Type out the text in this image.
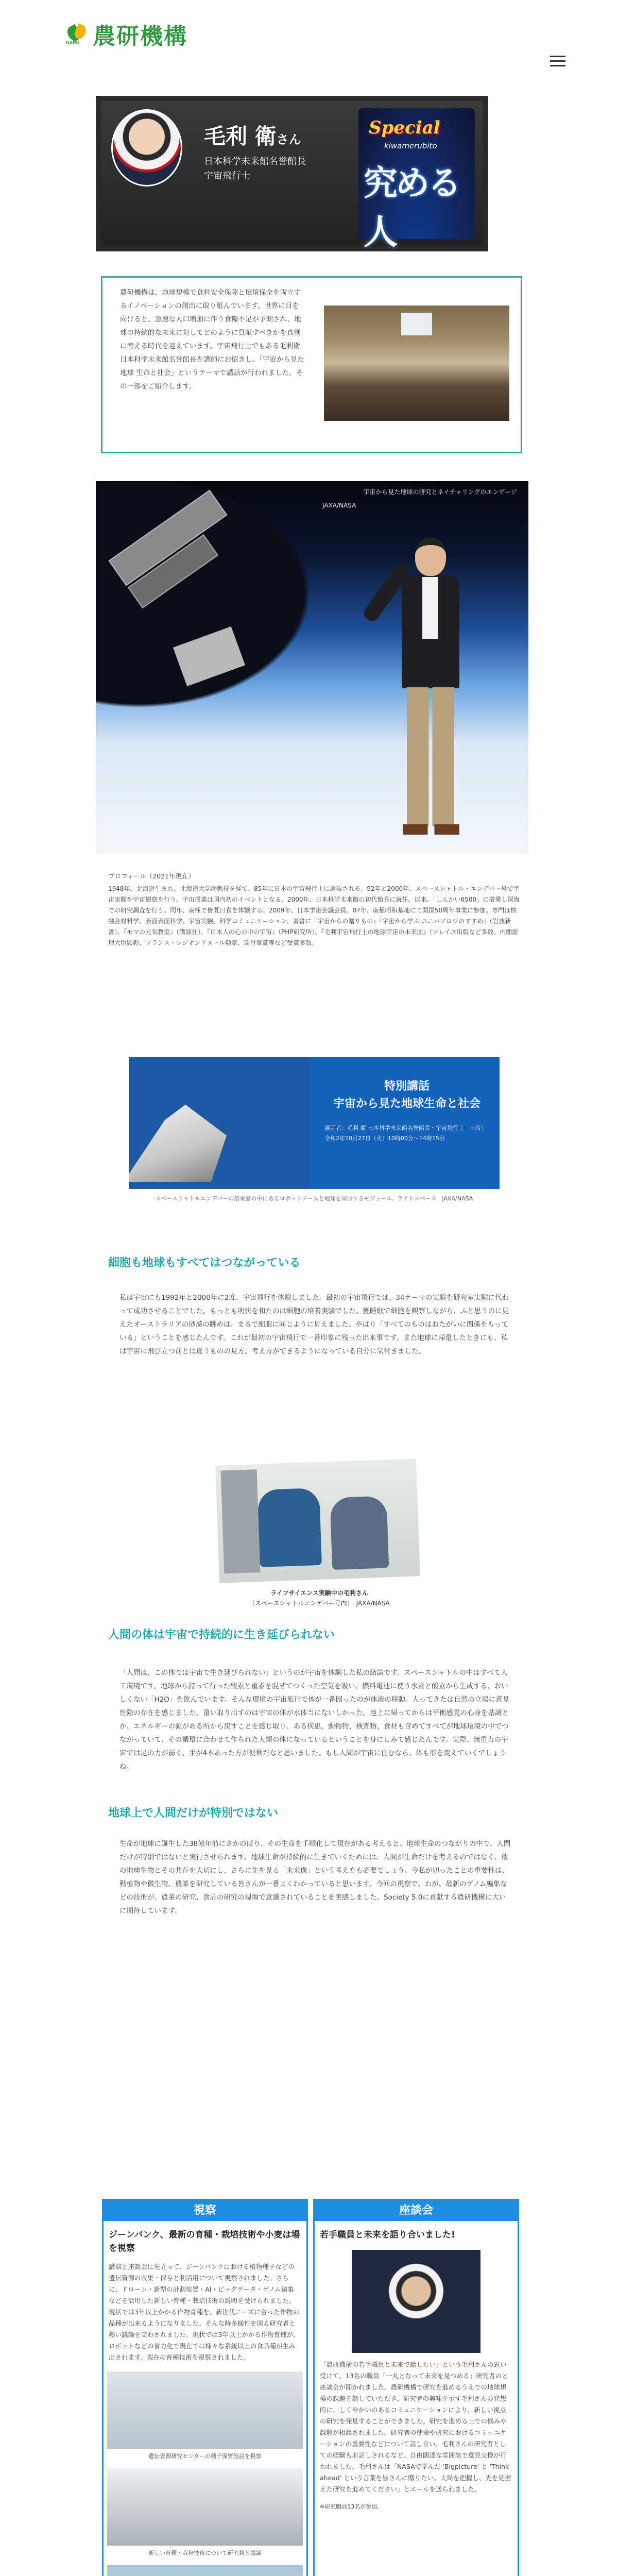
NARO 農研機構
毛利 衛さん
日本科学未来館名誉館長
宇宙飛行士
Special
kiwamerubito
究める人
農研機構は、地球規模で食料安全保障と環境保全を両立するイノベーションの創出に取り組んでいます。世界に目を向けると、急速な人口増加に伴う食糧不足が予測され、地球の持続的な未来に対してどのように貢献すべきかを真剣に考える時代を迎えています。宇宙飛行士でもある毛利衛日本科学未来館名誉館長を講師にお招きし、「宇宙から見た地球 生命と社会」というテーマで講話が行われました。その一部をご紹介します。
宇宙から見た地球の研究とネイチャリングのエンゲージ
JAXA/NASA
プロフィール（2021年現在）
1948年、北海道生まれ。北海道大学助教授を経て、85年に日本の宇宙飛行士に選抜される。92年と2000年、スペースシャトル・エンデバー号で宇宙実験や宇宙観察を行う。宇宙授業は国内初のイベントとなる。2000年、日本科学未来館の初代館長に就任。以来、「しんかい6500」に搭乗し深海での研究調査を行う。同年、南極で皆既日食を体験する。2009年、日本学術会議会員。07年、南極昭和基地にて開国50周年事業に参加。専門は核融合材料学、表面表面科学、宇宙実験、科学コミュニケーション。著書に『宇宙からの贈りもの』『宇宙から学ぶ ユニバソロジのすすめ』（岩波新書）、『モマの元気教室』（講談社）、『日本人の心の中の宇宙』（PHP研究所）、『毛利宇宙飛行士の地球宇宙の未来図』（ソレイユ出版など多数。内閣総理大臣顕彰、フランス・レジオンドヌール勲章、瑞付章賞等など受賞多数。
特別講話
宇宙から見た地球生命と社会
講話者：毛利 衛 日本科学未来館名誉館長・宇宙飛行士　日時：令和2年10月27日（火）10時00分～14時15分
スペースシャトルエンデバーの搭乗窓の中にあるロボットアームと地球を周回するモジュール。ライトスペース　JAXA/NASA
細胞も地球もすべてはつながっている
私は宇宙にも1992年と2000年に2度、宇宙飛行を体験しました。最初の宇宙飛行では、34テーマの実験を研究室実験に代わって成功させることでした。もっとも明快を和たのは細胞の培養実験でした。鯉睡眠で細胞を観察しながら、ふと思うのに見えたオーストラリアの砂漠の眺めは、まるで細胞に同じように見えました。やはり「すべてのものはおたがいに関係をもっている」ということを感じたんです。これが最初の宇宙飛行で一番印象に残った出来事です。また地球に帰還したときにも、私は宇宙に飛び立つ前とは違うものの見方、考え方ができるようになっている自分に気付きました。
ライフサイエンス実験中の毛利さん
（スペースシャトルエンデバー号内）　JAXA/NASA
人間の体は宇宙で持続的に生き延びられない
「人間は、この体では宇宙で生き延びられない」というのが宇宙を体験した私の結論です。スペースシャトルの中はすべて人工環境です。地球から持って行った酸素と重素を混ぜてつくった空気を吸い、燃料電池に使う水素と酸素から生成する、おいしくない「H2O」を飲んでいます。そんな環境の宇宙旅行で体が一番困ったのが体液の移動。人ってきたは自然の立場に意見性除の存在を感じました。重い取り出すのは宇宙の体が水体当にないしかった。地上に帰ってからは平衡感覚の心身を基調とか、エネルギーの源がある所から戻すことを感じ取り、ある疾患、動物物、検査物、食材も含めてすべてが地球環境の中でつながっていて、その循環に合わせて作られた人類の体になっているということを身にしみて感じたんです。実際、無重力の宇宙では足の力が弱く、手が4本あった方が便利だなと思いました。もし人間が宇宙に住むなら、体も形を変えていくでしょうね。
地球上で人間だけが特別ではない
生命が地球に誕生した38億年前にさかのぼり、その生命を手順化して現在がある考えると、地球生命のつながりの中で、人間だけが特別ではないと実行させられます。地球生命が持続的に生きていくためには、人間が生命だけを考えるのではなく、他の地球生物とその共存を大切にし、さらに先を見る「未来像」という考え方も必要でしょう。今私が切ったことの重要性は、動植物や微生物、農業を研究している皆さんが一番よくわかっていると思います。今回の視察で、わが、最新のゲノム編集などの技術が、農業の研究、食品の研究の現場で意識されていることを実感しました。Society 5.0に貢献する農研機構に大いに期待しています。
視察
ジーンバンク、最新の育種・栽培技術や小麦は場を視察
講演と座談会に先立って、ジーンバンクにおける植物種子などの遺伝資源の収集・保存と利活用について視察されました。さらに、ドローン・新型の計測装置・AI・ビッグデータ・ゲノム編集などを活用した新しい育種・栽培技術の説明を受けられました。現状では3年以上かかる作物育種を、新世代ニーズに合った作物の品種が出来るようになりました。そんな時多様性を図る研究者と熱い議論を交わされました。現状では3年以上かかる作物育種が、ロボットなどの省力化で現在では様々な系統以上の食品種が生み出されます。現在の育種技術を視察されました。
遺伝資源研究センターの種子保管施設を視察
新しい育種・栽培技術について研究員と議論
座談会
若手職員と未来を語り合いました!
「農研機構の若手職員と未来で話したい」という毛利さんの思い受けて、13名の職員「一丸となって未来を見つめる」研究者のと座談会が開かれました。農研機構で研究を進めるうえでの地球規模の課題を話していただき、研究者の興味を示す毛利さんの発想的に、しくやかいのあるコミュニケーションにより、新しい視点の研究を発見することができました。研究を進める上での悩みや課題が相談されました。研究者の使命や研究におけるコミュニケーションの重要性などについて話し合い、毛利さんの研究者としての経験もお話しされるなど、自由闊達な雰囲気で意見交換が行われました。毛利さんは「NASAで学んだ 'Bigpicture' と 'Think ahead' という言葉を皆さんに贈りたい。大局を把握し、先を見据えた研究を進めてください」とエールを送られました。
※研究職員13名が参加。
